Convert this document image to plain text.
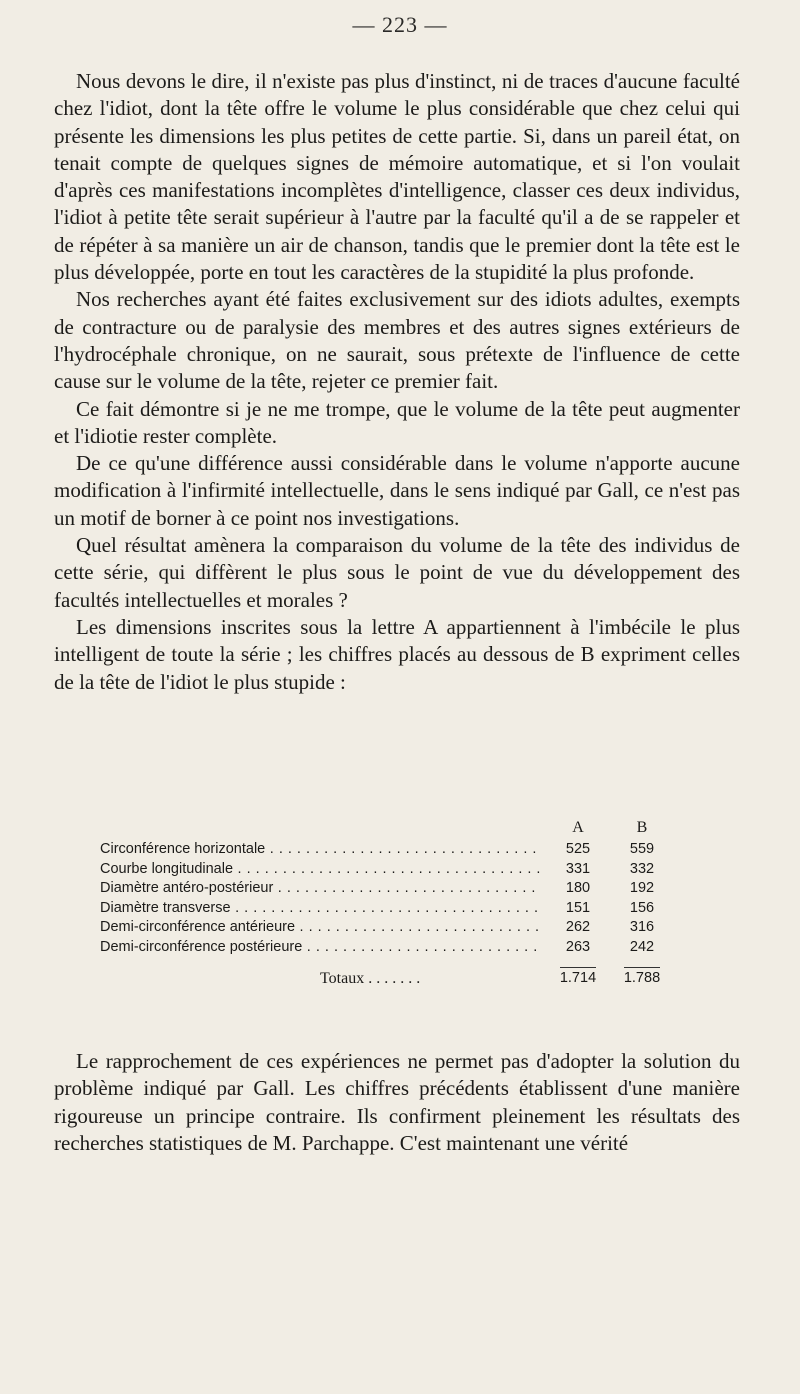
— 223 —

Nous devons le dire, il n'existe pas plus d'instinct, ni de traces d'aucune faculté chez l'idiot, dont la tête offre le volume le plus considérable que chez celui qui présente les dimensions les plus petites de cette partie. Si, dans un pareil état, on tenait compte de quelques signes de mémoire automatique, et si l'on voulait d'après ces manifestations incomplètes d'intelligence, classer ces deux individus, l'idiot à petite tête serait supérieur à l'autre par la faculté qu'il a de se rappeler et de répéter à sa manière un air de chanson, tandis que le premier dont la tête est le plus développée, porte en tout les caractères de la stupidité la plus profonde.

Nos recherches ayant été faites exclusivement sur des idiots adultes, exempts de contracture ou de paralysie des membres et des autres signes extérieurs de l'hydrocéphale chronique, on ne saurait, sous prétexte de l'influence de cette cause sur le volume de la tête, rejeter ce premier fait.

Ce fait démontre si je ne me trompe, que le volume de la tête peut augmenter et l'idiotie rester complète.

De ce qu'une différence aussi considérable dans le volume n'apporte aucune modification à l'infirmité intellectuelle, dans le sens indiqué par Gall, ce n'est pas un motif de borner à ce point nos investigations.

Quel résultat amènera la comparaison du volume de la tête des individus de cette série, qui diffèrent le plus sous le point de vue du développement des facultés intellectuelles et morales ?

Les dimensions inscrites sous la lettre A appartiennent à l'imbécile le plus intelligent de toute la série ; les chiffres placés au dessous de B expriment celles de la tête de l'idiot le plus stupide :

A	B
Circonférence horizontale . . .	525	559
Courbe longitudinale . . .	331	332
Diamètre antéro-postérieur . . .	180	192
Diamètre transverse . . .	151	156
Demi-circonférence antérieure . . .	262	316
Demi-circonférence postérieure . . .	263	242
Totaux . . .	1.714	1.788

Le rapprochement de ces expériences ne permet pas d'adopter la solution du problème indiqué par Gall. Les chiffres précédents établissent d'une manière rigoureuse un principe contraire. Ils confirment pleinement les résultats des recherches statistiques de M. Parchappe. C'est maintenant une vérité
